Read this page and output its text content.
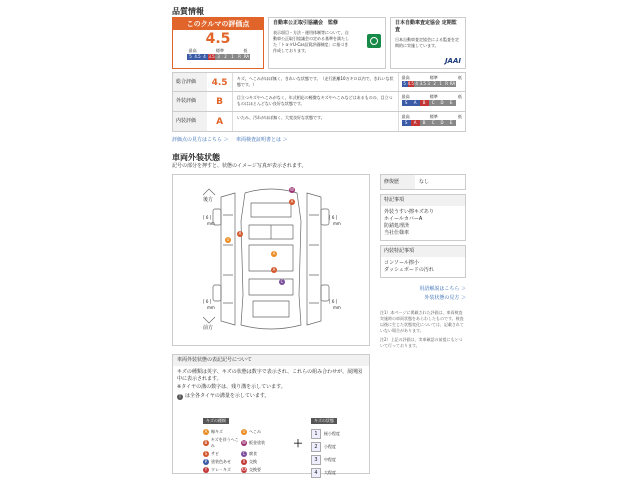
品質情報
このクルマの評価点
4.5
最高	標準	低
5 4.5 4 3.5 3	2	1	R RA
自動車公正取引協議会　監修
表示項目・方法・運用体制等について、自動車公正取引協議会の定める基準を満たした「トヨタU-Car品質評価制度」に基づき作成しております。
日本自動車査定協会 定期監査
日本自動車査定協会による監査を定期的に実施しています。
JAAI
総合評価	4.5	キズ、へこみがほぼ無く、きれいな状態です。（走行距離10万キロ以内で、きれいな状態です。）
最高	標準	低
5 4.5 4 3.5 3 2 1 R RA
外装評価	B	目立つキズやへこみがなく、年式相応の軽微なキズやへこみなどはあるものの、目立つものはほとんどない良好な状態です。
最高	標準	低
S	A	B	C	D	E
内装評価	A	いたみ、汚れがほぼ無く、大変良好な状態です。	最高	標準	低
S	A	B	C	D	E
評価点の見方はこちら ＞ 車両検査証明書とは ＞
車両外装状態
記号の部分を押すと、状態のイメージ写真が表示されます。
後方
前方
[ 6 ]	[ 6 ]
[ 6 ]	[ 6 ]
mm	mm
mm	mm
A
W
A
U
A
A
C
修復歴	なし
特記事項
外装うすい擦キズあり
ホイールカバーA
防錆処理済
当社仕様車
内装特記事項
コンソール擦小
ダッシュボードの汚れ
用語解説はこちら ＞
外装状態の見方 ＞
注1）本ページに掲載された評価は、車両検査実施時の車両状態をあらわしたものです。検査以後に生じた状態変化については、記載されていない場合があります。
注2）上記の評価は、実車確認の前提にもとづいて行っております。
車両外装状態の表記記号について
キズの種類は英字、キズの状態は数字で表示され、これらの組み合わせが、展開図中に表示されます。
※タイヤの溝の数字は、残り溝を示しています。
T は全各タイヤの溝量を示しています。
キズの種類
A 線キズ	U へこみ
B
キズを伴うへこみ
W 板金塗装
S サビ	C 腐食
P 塗装色あせ	X 交換
Y ワレ・キズ	XX 交換要
＋
キズの状態
1	極小程度
2	小程度
3	中程度
4	大程度
